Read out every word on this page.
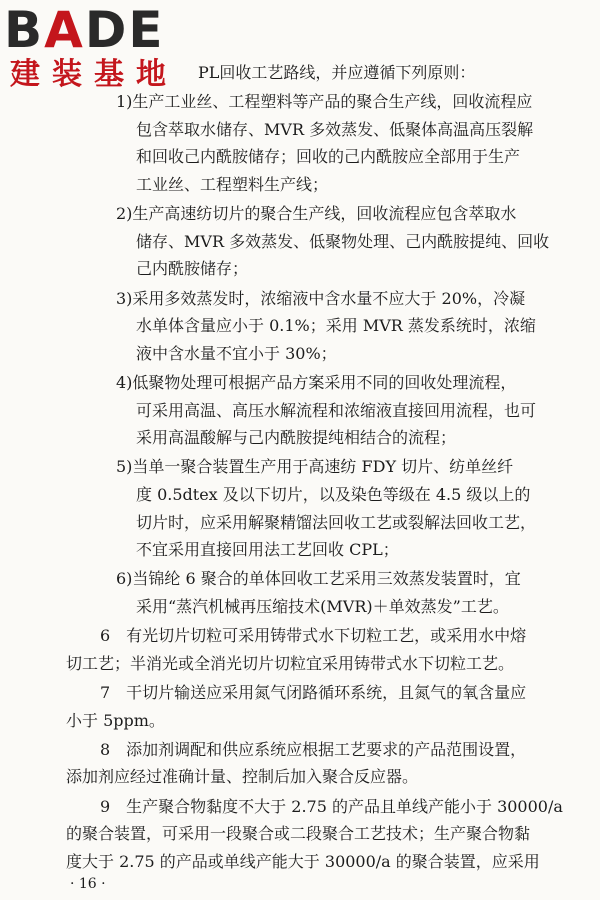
BADE
建装基地 PL回收工艺路线，并应遵循下列原则：
1)生产工业丝、工程塑料等产品的聚合生产线，回收流程应
包含萃取水储存、MVR 多效蒸发、低聚体高温高压裂解
和回收己内酰胺储存；回收的己内酰胺应全部用于生产
工业丝、工程塑料生产线；
2)生产高速纺切片的聚合生产线，回收流程应包含萃取水
储存、MVR 多效蒸发、低聚物处理、己内酰胺提纯、回收
己内酰胺储存；
3)采用多效蒸发时，浓缩液中含水量不应大于 20%，冷凝
水单体含量应小于 0.1%；采用 MVR 蒸发系统时，浓缩
液中含水量不宜小于 30%；
4)低聚物处理可根据产品方案采用不同的回收处理流程，
可采用高温、高压水解流程和浓缩液直接回用流程，也可
采用高温酸解与己内酰胺提纯相结合的流程；
5)当单一聚合装置生产用于高速纺 FDY 切片、纺单丝纤
度 0.5dtex 及以下切片，以及染色等级在 4.5 级以上的
切片时，应采用解聚精馏法回收工艺或裂解法回收工艺，
不宜采用直接回用法工艺回收 CPL；
6)当锦纶 6 聚合的单体回收工艺采用三效蒸发装置时，宜
采用“蒸汽机械再压缩技术(MVR)＋单效蒸发”工艺。
6　有光切片切粒可采用铸带式水下切粒工艺，或采用水中熔
切工艺；半消光或全消光切片切粒宜采用铸带式水下切粒工艺。
7　干切片输送应采用氮气闭路循环系统，且氮气的氧含量应
小于 5ppm。
8　添加剂调配和供应系统应根据工艺要求的产品范围设置，
添加剂应经过准确计量、控制后加入聚合反应器。
9　生产聚合物黏度不大于 2.75 的产品且单线产能小于 30000/a
的聚合装置，可采用一段聚合或二段聚合工艺技术；生产聚合物黏
度大于 2.75 的产品或单线产能大于 30000/a 的聚合装置，应采用
· 16 ·
